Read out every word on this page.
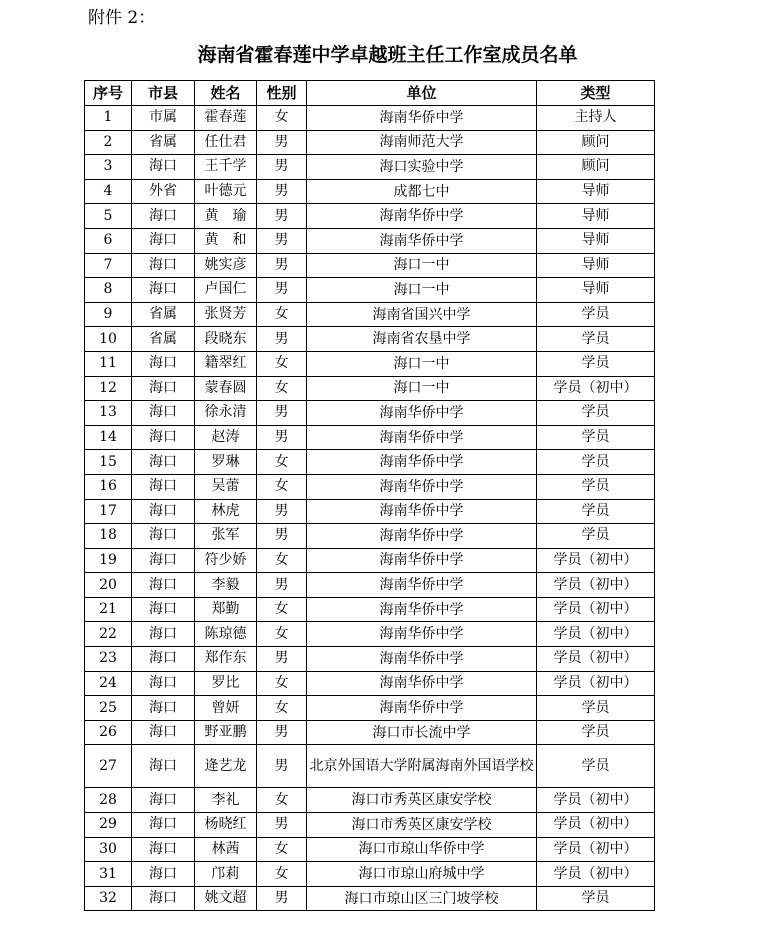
附件 2：
海南省霍春莲中学卓越班主任工作室成员名单
序号	市县	姓名	性别	单位	类型
1	市属	霍春莲	女	海南华侨中学	主持人
2	省属	任仕君	男	海南师范大学	顾问
3	海口	王千学	男	海口实验中学	顾问
4	外省	叶德元	男	成都七中	导师
5	海口	黄　瑜	男	海南华侨中学	导师
6	海口	黄　和	男	海南华侨中学	导师
7	海口	姚实彦	男	海口一中	导师
8	海口	卢国仁	男	海口一中	导师
9	省属	张贤芳	女	海南省国兴中学	学员
10	省属	段晓东	男	海南省农垦中学	学员
11	海口	籍翠红	女	海口一中	学员
12	海口	蒙春圆	女	海口一中	学员（初中）
13	海口	徐永清	男	海南华侨中学	学员
14	海口	赵涛	男	海南华侨中学	学员
15	海口	罗琳	女	海南华侨中学	学员
16	海口	吴蕾	女	海南华侨中学	学员
17	海口	林虎	男	海南华侨中学	学员
18	海口	张军	男	海南华侨中学	学员
19	海口	符少娇	女	海南华侨中学	学员（初中）
20	海口	李毅	男	海南华侨中学	学员（初中）
21	海口	郑勤	女	海南华侨中学	学员（初中）
22	海口	陈琼德	女	海南华侨中学	学员（初中）
23	海口	郑作东	男	海南华侨中学	学员（初中）
24	海口	罗比	女	海南华侨中学	学员（初中）
25	海口	曾妍	女	海南华侨中学	学员
26	海口	野亚鹏	男	海口市长流中学	学员
27	海口	逄艺龙	男	北京外国语大学附属海南外国语学校	学员
28	海口	李礼	女	海口市秀英区康安学校	学员（初中）
29	海口	杨晓红	男	海口市秀英区康安学校	学员（初中）
30	海口	林茜	女	海口市琼山华侨中学	学员（初中）
31	海口	邝莉	女	海口市琼山府城中学	学员（初中）
32	海口	姚文超	男	海口市琼山区三门坡学校	学员
